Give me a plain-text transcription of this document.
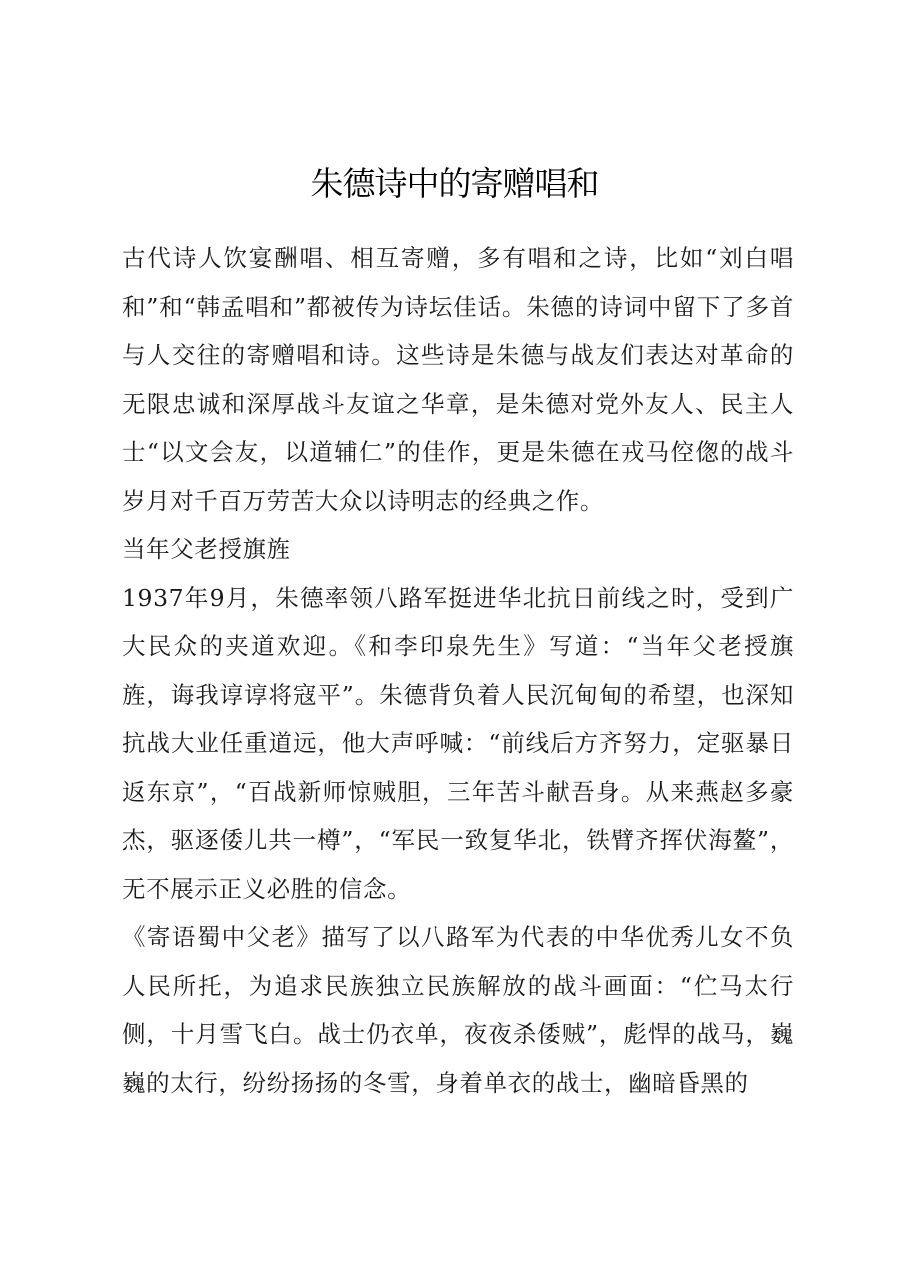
朱德诗中的寄赠唱和

古代诗人饮宴酬唱、相互寄赠，多有唱和之诗，比如“刘白唱和”和“韩孟唱和”都被传为诗坛佳话。朱德的诗词中留下了多首与人交往的寄赠唱和诗。这些诗是朱德与战友们表达对革命的无限忠诚和深厚战斗友谊之华章，是朱德对党外友人、民主人士“以文会友，以道辅仁”的佳作，更是朱德在戎马倥偬的战斗岁月对千百万劳苦大众以诗明志的经典之作。

当年父老授旗旌

1937年9月，朱德率领八路军挺进华北抗日前线之时，受到广大民众的夹道欢迎。《和李印泉先生》写道：“当年父老授旗旌，诲我谆谆将寇平”。朱德背负着人民沉甸甸的希望，也深知抗战大业任重道远，他大声呼喊：“前线后方齐努力，定驱暴日返东京”，“百战新师惊贼胆，三年苦斗献吾身。从来燕赵多豪杰，驱逐倭儿共一樽”，“军民一致复华北，铁臂齐挥伏海鳌”，无不展示正义必胜的信念。

《寄语蜀中父老》描写了以八路军为代表的中华优秀儿女不负人民所托，为追求民族独立民族解放的战斗画面：“伫马太行侧，十月雪飞白。战士仍衣单，夜夜杀倭贼”，彪悍的战马，巍巍的太行，纷纷扬扬的冬雪，身着单衣的战士，幽暗昏黑的
